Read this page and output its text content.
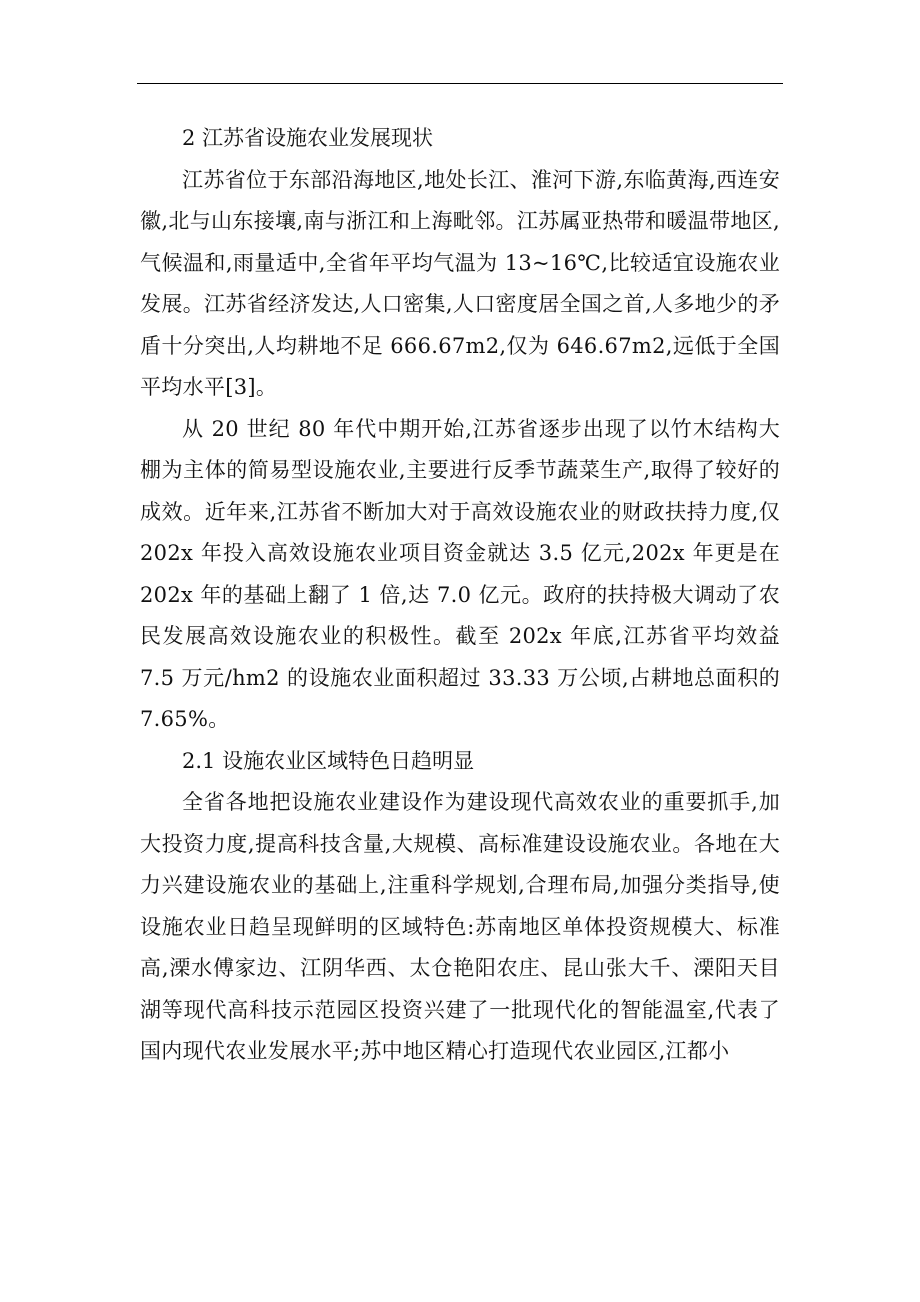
2 江苏省设施农业发展现状

江苏省位于东部沿海地区,地处长江、淮河下游,东临黄海,西连安徽,北与山东接壤,南与浙江和上海毗邻。江苏属亚热带和暖温带地区,气候温和,雨量适中,全省年平均气温为 13~16℃,比较适宜设施农业发展。江苏省经济发达,人口密集,人口密度居全国之首,人多地少的矛盾十分突出,人均耕地不足 666.67m2,仅为 646.67m2,远低于全国平均水平[3]。

从 20 世纪 80 年代中期开始,江苏省逐步出现了以竹木结构大棚为主体的简易型设施农业,主要进行反季节蔬菜生产,取得了较好的成效。近年来,江苏省不断加大对于高效设施农业的财政扶持力度,仅 202x 年投入高效设施农业项目资金就达 3.5 亿元,202x 年更是在 202x 年的基础上翻了 1 倍,达 7.0 亿元。政府的扶持极大调动了农民发展高效设施农业的积极性。截至 202x 年底,江苏省平均效益 7.5 万元/hm2 的设施农业面积超过 33.33 万公顷,占耕地总面积的 7.65%。

2.1 设施农业区域特色日趋明显

全省各地把设施农业建设作为建设现代高效农业的重要抓手,加大投资力度,提高科技含量,大规模、高标准建设设施农业。各地在大力兴建设施农业的基础上,注重科学规划,合理布局,加强分类指导,使设施农业日趋呈现鲜明的区域特色:苏南地区单体投资规模大、标准高,溧水傅家边、江阴华西、太仓艳阳农庄、昆山张大千、溧阳天目湖等现代高科技示范园区投资兴建了一批现代化的智能温室,代表了国内现代农业发展水平;苏中地区精心打造现代农业园区,江都小
